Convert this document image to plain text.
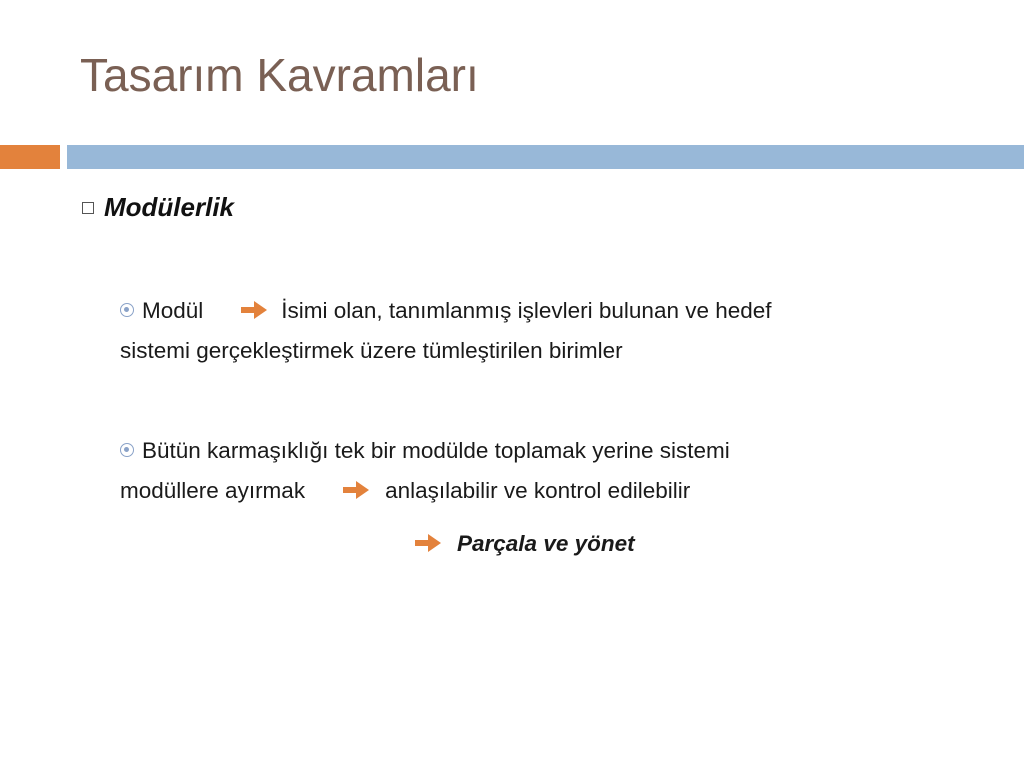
Tasarım Kavramları
Modülerlik
Modül	İsimi olan, tanımlanmış işlevleri bulunan ve hedef
sistemi gerçekleştirmek üzere tümleştirilen birimler
Bütün karmaşıklığı tek bir modülde toplamak yerine sistemi
modüllere ayırmak	anlaşılabilir ve kontrol edilebilir
Parçala ve yönet
